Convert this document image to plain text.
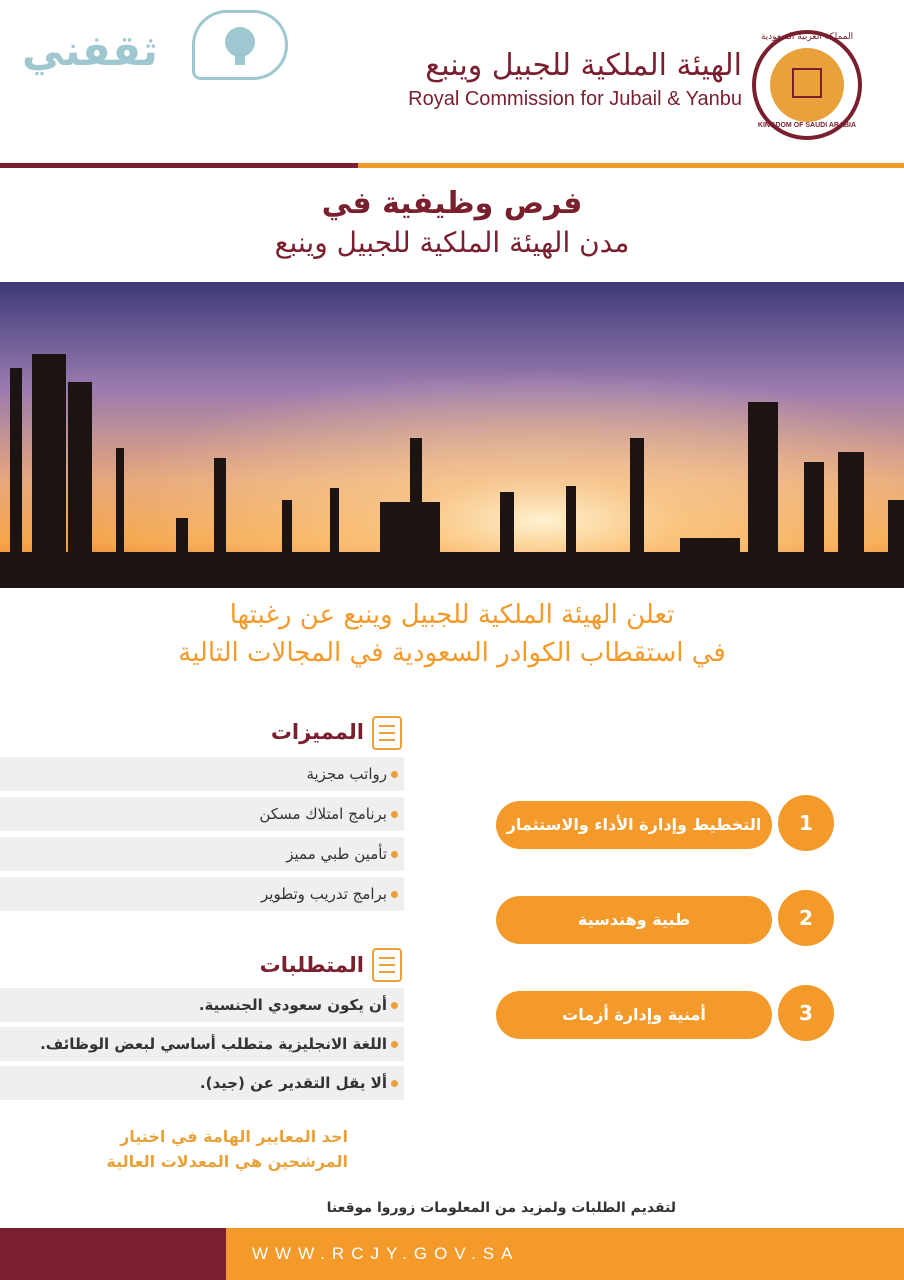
ثقفني	الهيئة الملكية للجبيل وينبع
Royal Commission for Jubail & Yanbu
المملكة العربية السعودية
KINGDOM OF SAUDI ARABIA
فرص وظيفية في
مدن الهيئة الملكية للجبيل وينبع
تعلن الهيئة الملكية للجبيل وينبع عن رغبتها
في استقطاب الكوادر السعودية في المجالات التالية
المميزات
رواتب مجزية
برنامج امتلاك مسكن
تأمين طبي مميز
برامج تدريب وتطوير
المتطلبات
أن يكون سعودي الجنسية.
اللغة الانجليزية متطلب أساسي لبعض الوظائف.
ألا يقل التقدير عن (جيد).
التخطيط وإدارة الأداء والاستثمار	1
طبية وهندسية	2
أمنية وإدارة أزمات	3
احد المعايير الهامة في اختيار
المرشحين هي المعدلات العالية
لتقديم الطلبات ولمزيد من المعلومات زوروا موقعنا
WWW.RCJY.GOV.SA
